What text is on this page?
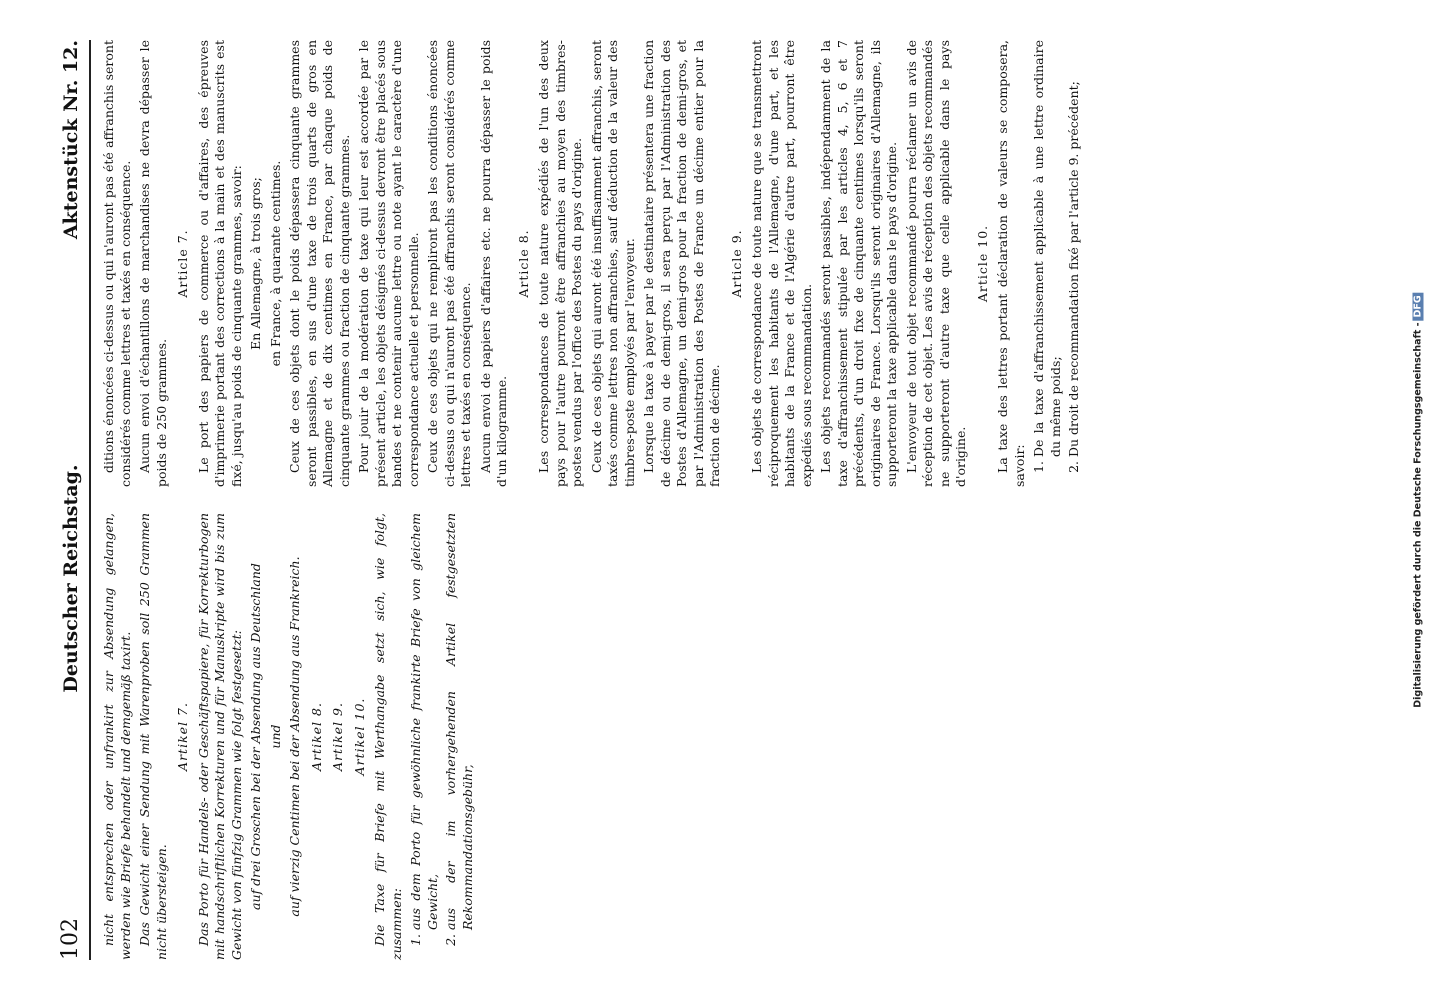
102
Deutscher Reichstag.
Aktenstück Nr. 12.

nicht entsprechen oder unfrankirt zur Absendung gelangen, werden wie Briefe behandelt und demgemäß taxirt. Das Gewicht einer Sendung mit Warenproben soll 250 Grammen nicht übersteigen.

Artikel 7. Das Porto für Handels- oder Geschäftspapiere, für Korrekturbogen mit handschriftlichen Korrekturen und für Manuskripte wird bis zum Gewicht von fünfzig Grammen wie folgt festgesetzt: auf drei Groschen bei der Absendung aus Deutschland und auf vierzig Centimen bei der Absendung aus Frankreich. Artikel 8. Artikel 9. Artikel 10. Die Taxe für Briefe mit Werthangabe setzt sich, wie folgt, zusammen: 1. aus dem Porto für gewöhnliche frankirte Briefe von gleichem Gewicht, 2. aus der im vorhergehenden Artikel festgesetzten Rekommandationsgebühr,

ditions énoncées ci-dessus ou qui n'auront pas été affranchis seront considérés comme lettres et taxés en conséquence. Aucun envoi d'échantillons de marchandises ne devra dépasser le poids de 250 grammes.

Article 7. Le port des papiers de commerce ou d'affaires, des épreuves d'imprimerie portant des corrections à la main et des manuscrits est fixé, jusqu'au poids de cinquante grammes, savoir: En Allemagne, à trois gros; en France, à quarante centimes. Ceux de ces objets dont le poids dépassera cinquante grammes seront passibles, en sus d'une taxe de trois quarts de gros en Allemagne et de dix centimes en France, par chaque poids de cinquante grammes ou fraction de cinquante grammes. Pour jouir de la modération de taxe qui leur est accordée par le présent article, les objets désignés ci-dessus devront être placés sous bandes et ne contenir aucune lettre ou note ayant le caractère d'une correspondance actuelle et personnelle. Ceux de ces objets qui ne rempliront pas les conditions énoncées ci-dessus ou qui n'auront pas été affranchis seront considérés comme lettres et taxés en conséquence. Aucun envoi de papiers d'affaires etc. ne pourra dépasser le poids d'un kilogramme.

Article 8. Les correspondances de toute nature expédiés de l'un des deux pays pour l'autre pourront être affranchies au moyen des timbres-postes vendus par l'office des Postes du pays d'origine. Ceux de ces objets qui auront été insuffisamment affranchis, seront taxés comme lettres non affranchies, sauf déduction de la valeur des timbres-poste employés par l'envoyeur. Lorsque la taxe à payer par le destinataire présentera une fraction de décime ou de demi-gros, il sera perçu par l'Administration des Postes d'Allemagne, un demi-gros pour la fraction de demi-gros, et par l'Administration des Postes de France un décime entier pour la fraction de décime.

Article 9. Les objets de correspondance de toute nature que se transmettront réciproquement les habitants de l'Allemagne, d'une part, et les habitants de la France et de l'Algérie d'autre part, pourront être expédiés sous recommandation. Les objets recommandés seront passibles, indépendamment de la taxe d'affranchissement stipulée par les articles 4, 5, 6 et 7 précédents, d'un droit fixe de cinquante centimes lorsqu'ils seront originaires de France. Lorsqu'ils seront originaires d'Allemagne, ils supporteront la taxe applicable dans le pays d'origine. L'envoyeur de tout objet recommandé pourra réclamer un avis de réception de cet objet. Les avis de réception des objets recommandés ne supporteront d'autre taxe que celle applicable dans le pays d'origine.

Article 10. La taxe des lettres portant déclaration de valeurs se composera, savoir:

1. De la taxe d'affranchissement applicable à une lettre ordinaire du même poids; 2. Du droit de recommandation fixé par l'article 9. précédent;
Digitalisierung gefördert durch die Deutsche Forschungsgemeinschaft -DFG
